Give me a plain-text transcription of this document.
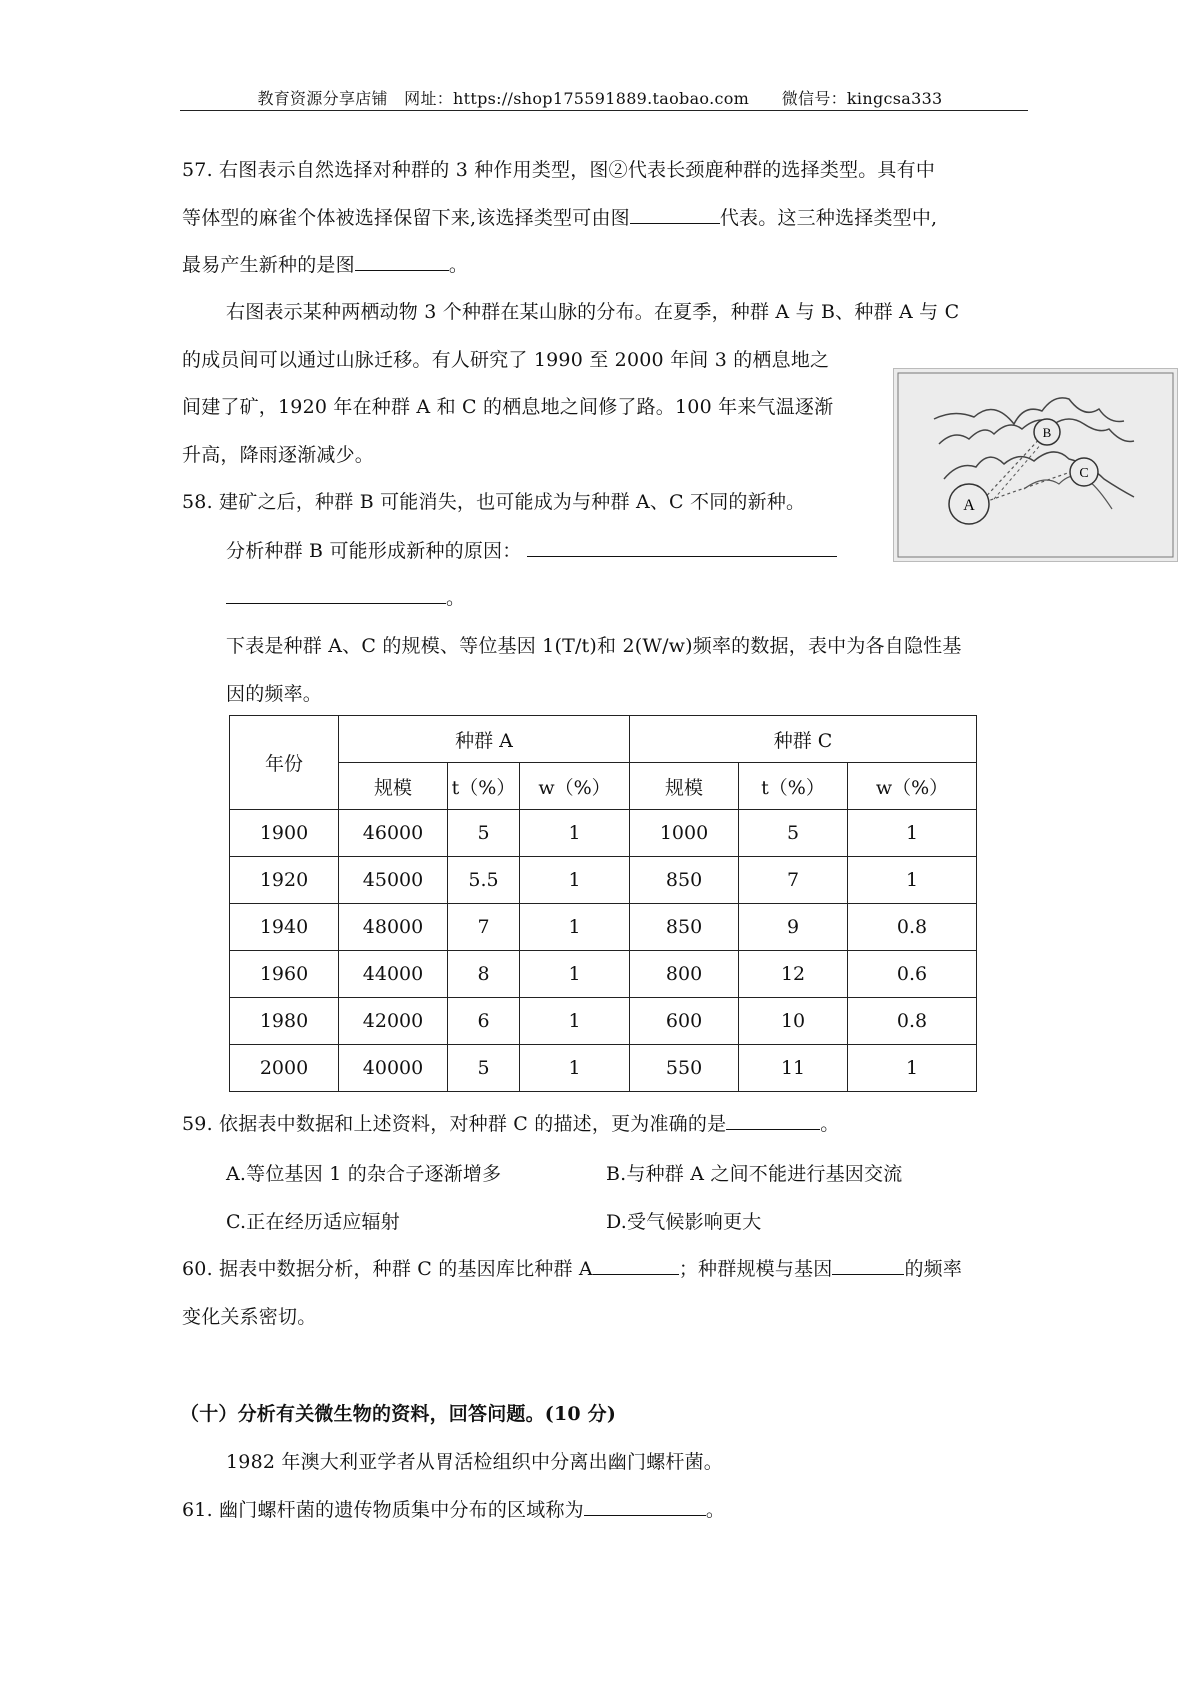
教育资源分享店铺　网址：https://shop175591889.taobao.com　　微信号：kingcsa333
57. 右图表示自然选择对种群的 3 种作用类型，图②代表长颈鹿种群的选择类型。具有中
等体型的麻雀个体被选择保留下来,该选择类型可由图	代表。这三种选择类型中,
最易产生新种的是图	。
右图表示某种两栖动物 3 个种群在某山脉的分布。在夏季，种群 A 与 B、种群 A 与 C
的成员间可以通过山脉迁移。有人研究了 1990 至 2000 年间 3 的栖息地之
间建了矿，1920 年在种群 A 和 C 的栖息地之间修了路。100 年来气温逐渐
升高，降雨逐渐减少。
A
B
C
58. 建矿之后，种群 B 可能消失，也可能成为与种群 A、C 不同的新种。
分析种群 B 可能形成新种的原因：
。
下表是种群 A、C 的规模、等位基因 1(T/t)和 2(W/w)频率的数据，表中为各自隐性基
因的频率。
年份	种群 A			种群 C		
	规模	t（%）	w（%）	规模	t（%）	w（%）
1900	46000	5	1	1000	5	1
1920	45000	5.5	1	850	7	1
1940	48000	7	1	850	9	0.8
1960	44000	8	1	800	12	0.6
1980	42000	6	1	600	10	0.8
2000	40000	5	1	550	11	1
59. 依据表中数据和上述资料，对种群 C 的描述，更为准确的是	。
A.等位基因 1 的杂合子逐渐增多	B.与种群 A 之间不能进行基因交流
C.正在经历适应辐射	D.受气候影响更大
60. 据表中数据分析，种群 C 的基因库比种群 A	；种群规模与基因	的频率
变化关系密切。
（十）分析有关微生物的资料，回答问题。(10 分)
1982 年澳大利亚学者从胃活检组织中分离出幽门螺杆菌。
61. 幽门螺杆菌的遗传物质集中分布的区域称为	。
